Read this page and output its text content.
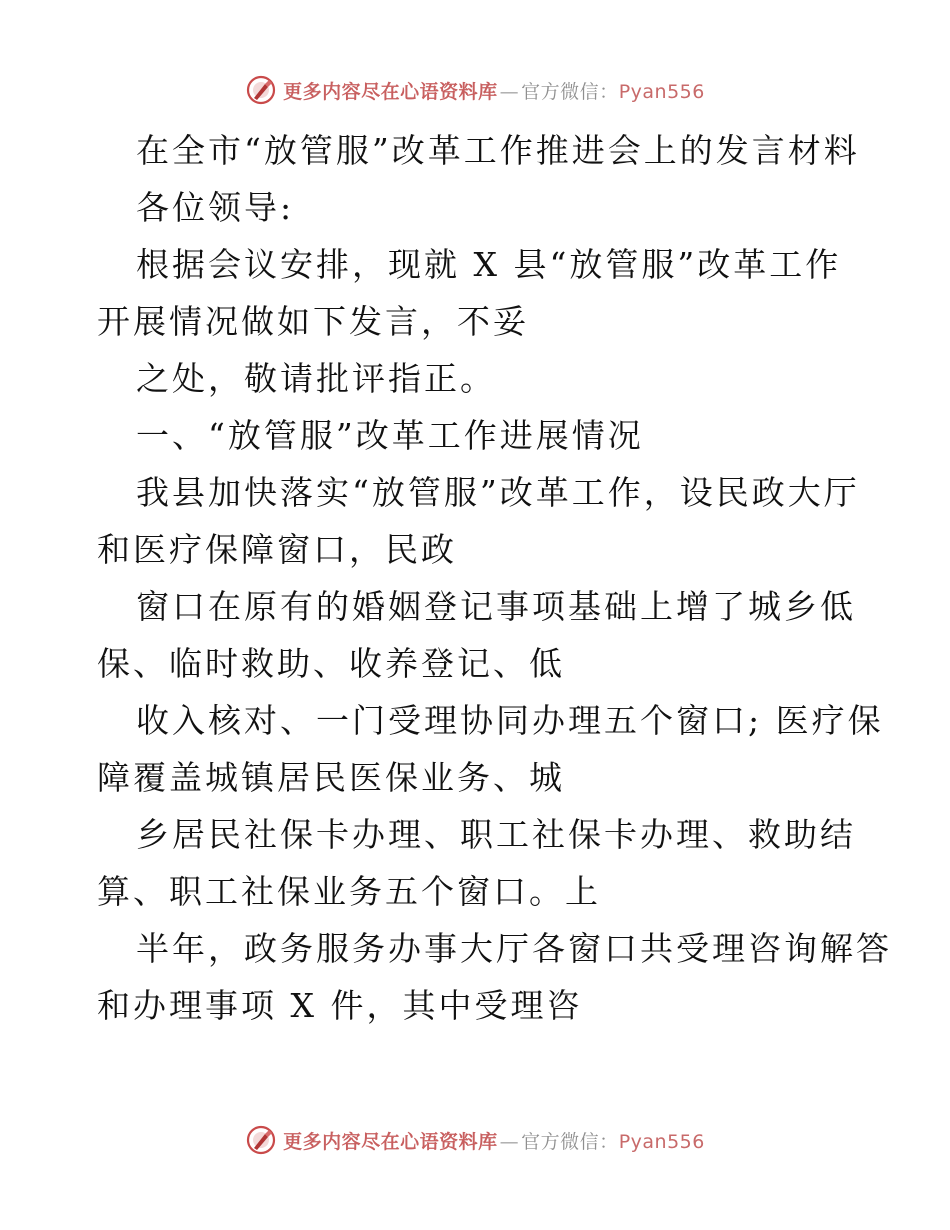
更多内容尽在心语资料库 — 官方微信：Pyan556
在全市“放管服”改革工作推进会上的发言材料
各位领导:
根据会议安排，现就 X 县“放管服”改革工作
开展情况做如下发言，不妥
之处，敬请批评指正。
一、“放管服”改革工作进展情况
我县加快落实“放管服”改革工作，设民政大厅
和医疗保障窗口，民政
窗口在原有的婚姻登记事项基础上增了城乡低
保、临时救助、收养登记、低
收入核对、一门受理协同办理五个窗口; 医疗保
障覆盖城镇居民医保业务、城
乡居民社保卡办理、职工社保卡办理、救助结
算、职工社保业务五个窗口。上
半年，政务服务办事大厅各窗口共受理咨询解答
和办理事项 X 件，其中受理咨
更多内容尽在心语资料库 — 官方微信：Pyan556
